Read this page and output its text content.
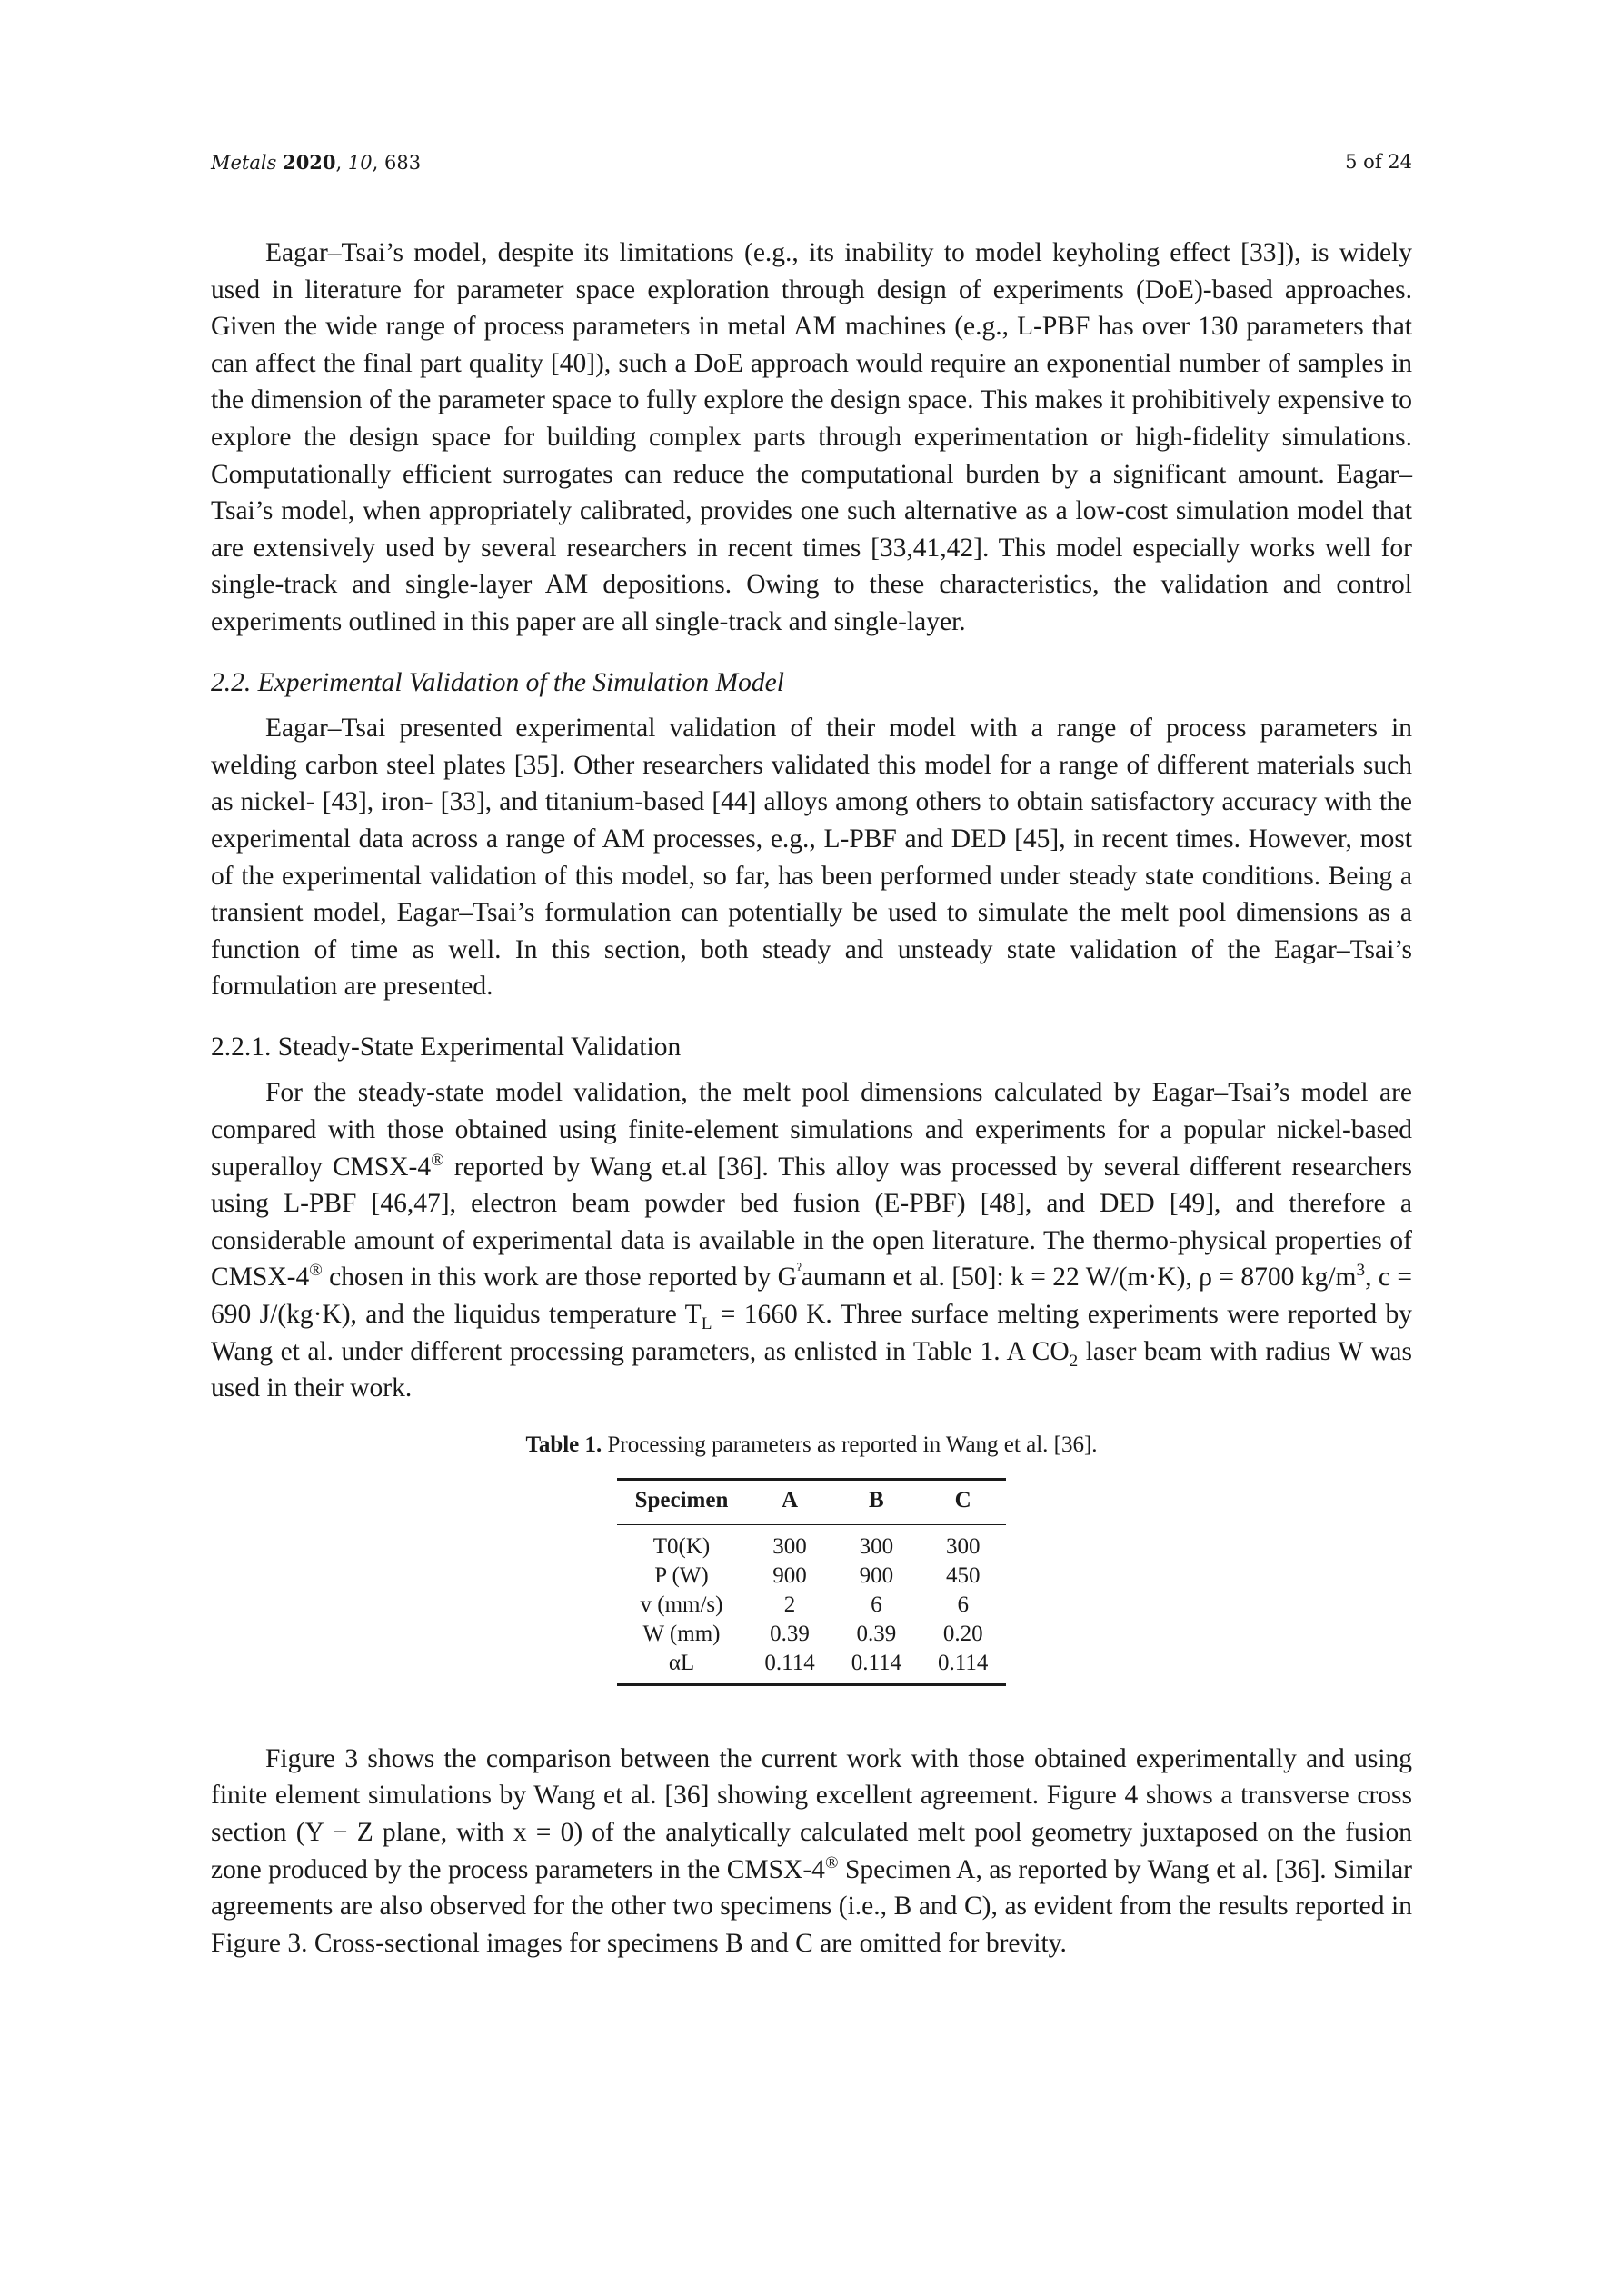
Metals 2020, 10, 683	5 of 24

Eagar–Tsai’s model, despite its limitations (e.g., its inability to model keyholing effect [33]), is widely used in literature for parameter space exploration through design of experiments (DoE)-based approaches. Given the wide range of process parameters in metal AM machines (e.g., L-PBF has over 130 parameters that can affect the final part quality [40]), such a DoE approach would require an exponential number of samples in the dimension of the parameter space to fully explore the design space. This makes it prohibitively expensive to explore the design space for building complex parts through experimentation or high-fidelity simulations. Computationally efficient surrogates can reduce the computational burden by a significant amount. Eagar–Tsai’s model, when appropriately calibrated, provides one such alternative as a low-cost simulation model that are extensively used by several researchers in recent times [33,41,42]. This model especially works well for single-track and single-layer AM depositions. Owing to these characteristics, the validation and control experiments outlined in this paper are all single-track and single-layer.

2.2. Experimental Validation of the Simulation Model

Eagar–Tsai presented experimental validation of their model with a range of process parameters in welding carbon steel plates [35]. Other researchers validated this model for a range of different materials such as nickel- [43], iron- [33], and titanium-based [44] alloys among others to obtain satisfactory accuracy with the experimental data across a range of AM processes, e.g., L-PBF and DED [45], in recent times. However, most of the experimental validation of this model, so far, has been performed under steady state conditions. Being a transient model, Eagar–Tsai’s formulation can potentially be used to simulate the melt pool dimensions as a function of time as well. In this section, both steady and unsteady state validation of the Eagar–Tsai’s formulation are presented.

2.2.1. Steady-State Experimental Validation

For the steady-state model validation, the melt pool dimensions calculated by Eagar–Tsai’s model are compared with those obtained using finite-element simulations and experiments for a popular nickel-based superalloy CMSX-4® reported by Wang et.al [36]. This alloy was processed by several different researchers using L-PBF [46,47], electron beam powder bed fusion (E-PBF) [48], and DED [49], and therefore a considerable amount of experimental data is available in the open literature. The thermo-physical properties of CMSX-4® chosen in this work are those reported by $G^ˀaumann$ et al. [50]: k = 22 W/(m·K), ρ = 8700 $kg/m^3$, c = 690 J/(kg·K), and the liquidus temperature $T_L = 1660$ K. Three surface melting experiments were reported by Wang et al. under different processing parameters, as enlisted in Table 1. A $CO_2$ laser beam with radius W was used in their work.

Table 1. Processing parameters as reported in Wang et al. [36].
Specimen	A	B	C
T0(K)	300	300	300
P (W)	900	900	450
v (mm/s)	2	6	6
W (mm)	0.39	0.39	0.20
αL	0.114	0.114	0.114

Figure 3 shows the comparison between the current work with those obtained experimentally and using finite element simulations by Wang et al. [36] showing excellent agreement. Figure 4 shows a transverse cross section (Y − Z plane, with x = 0) of the analytically calculated melt pool geometry juxtaposed on the fusion zone produced by the process parameters in the CMSX-4® Specimen A, as reported by Wang et al. [36]. Similar agreements are also observed for the other two specimens (i.e., B and C), as evident from the results reported in Figure 3. Cross-sectional images for specimens B and C are omitted for brevity.
